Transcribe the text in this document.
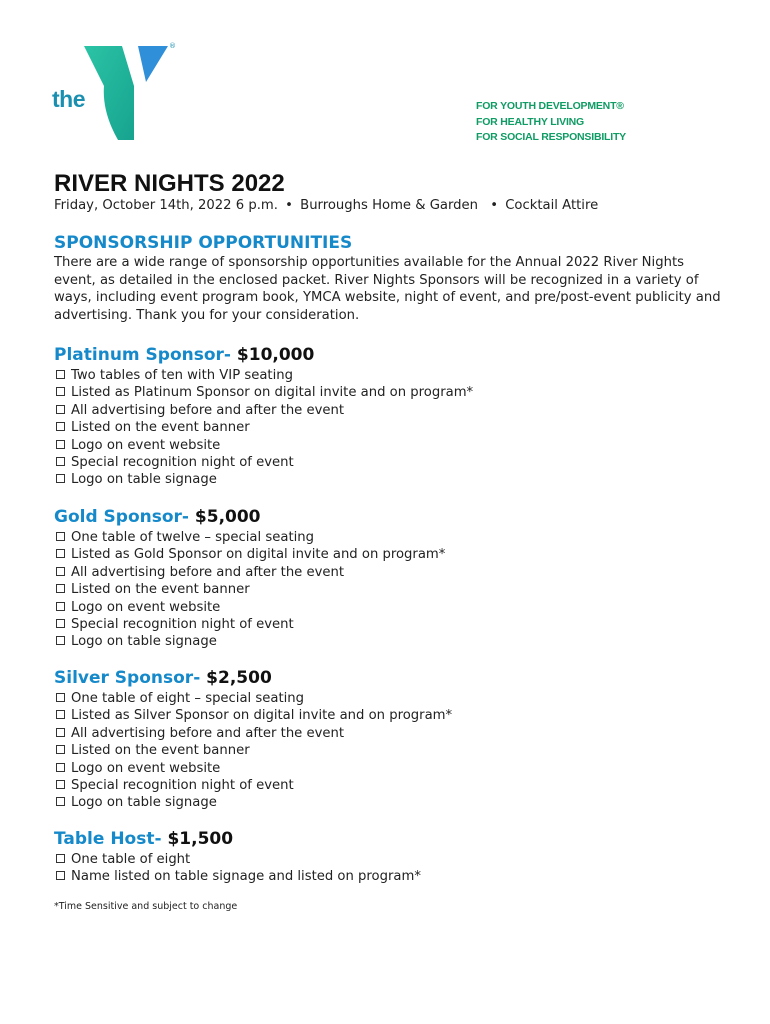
the
YMCA
®
FOR YOUTH DEVELOPMENT®
FOR HEALTHY LIVING
FOR SOCIAL RESPONSIBILITY
RIVER NIGHTS 2022
Friday, October 14th, 2022 6 p.m. • Burroughs Home & Garden • Cocktail Attire
SPONSORSHIP OPPORTUNITIES

There are a wide range of sponsorship opportunities available for the Annual 2022 River Nights event, as detailed in the enclosed packet. River Nights Sponsors will be recognized in a variety of ways, including event program book, YMCA website, night of event, and pre/post-event publicity and advertising. Thank you for your consideration.

Platinum Sponsor- $10,000
Two tables of ten with VIP seating
Listed as Platinum Sponsor on digital invite and on program*
All advertising before and after the event
Listed on the event banner
Logo on event website
Special recognition night of event
Logo on table signage
Gold Sponsor- $5,000
One table of twelve – special seating
Listed as Gold Sponsor on digital invite and on program*
All advertising before and after the event
Listed on the event banner
Logo on event website
Special recognition night of event
Logo on table signage
Silver Sponsor- $2,500
One table of eight – special seating
Listed as Silver Sponsor on digital invite and on program*
All advertising before and after the event
Listed on the event banner
Logo on event website
Special recognition night of event
Logo on table signage
Table Host- $1,500
One table of eight
Name listed on table signage and listed on program*
*Time Sensitive and subject to change
